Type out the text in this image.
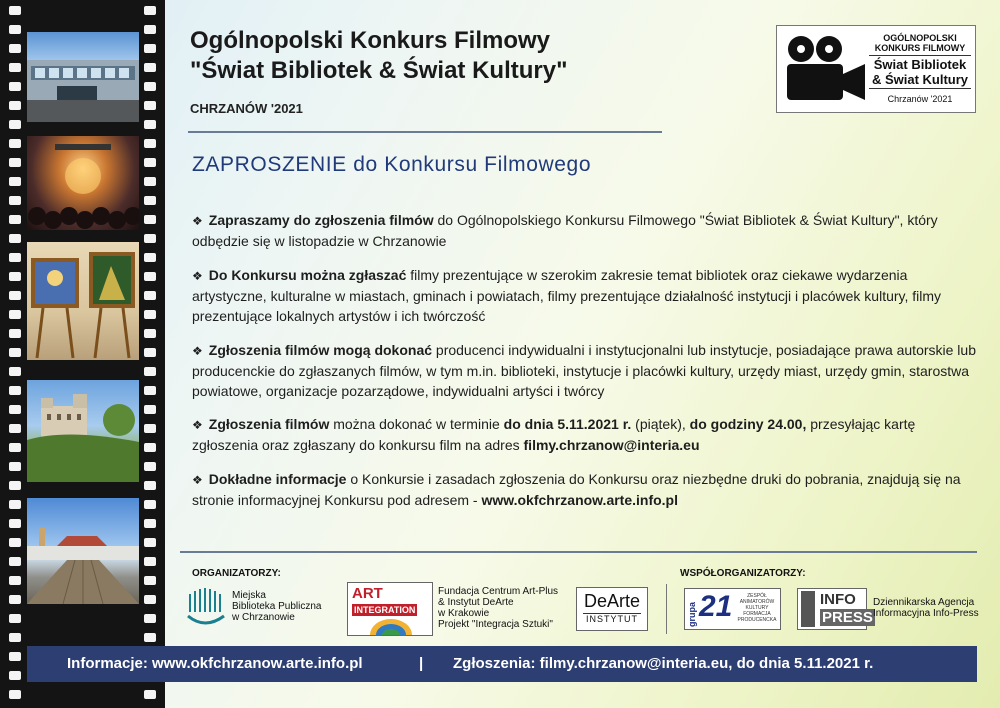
Ogólnopolski Konkurs Filmowy
"Świat Bibliotek & Świat Kultury"
CHRZANÓW '2021
OGÓLNOPOLSKI
KONKURS FILMOWY
Świat Bibliotek
& Świat Kultury
Chrzanów '2021
ZAPROSZENIE do Konkursu Filmowego

❖ Zapraszamy do zgłoszenia filmów do Ogólnopolskiego Konkursu Filmowego "Świat Bibliotek & Świat Kultury", który odbędzie się w listopadzie w Chrzanowie

❖ Do Konkursu można zgłaszać filmy prezentujące w szerokim zakresie temat bibliotek oraz ciekawe wydarzenia artystyczne, kulturalne w miastach, gminach i powiatach, filmy prezentujące działalność instytucji i placówek kultury, filmy prezentujące lokalnych artystów i ich twórczość

❖ Zgłoszenia filmów mogą dokonać producenci indywidualni i instytucjonalni lub instytucje, posiadające prawa autorskie lub producenckie do zgłaszanych filmów, w tym m.in. biblioteki, instytucje i placówki kultury, urzędy miast, urzędy gmin, starostwa powiatowe, organizacje pozarządowe, indywidualni artyści i twórcy

❖ Zgłoszenia filmów można dokonać w terminie do dnia 5.11.2021 r. (piątek), do godziny 24.00, przesyłając kartę zgłoszenia oraz zgłaszany do konkursu film na adres filmy.chrzanow@interia.eu

❖ Dokładne informacje o Konkursie i zasadach zgłoszenia do Konkursu oraz niezbędne druki do pobrania, znajdują się na stronie informacyjnej Konkursu pod adresem - www.okfchrzanow.arte.info.pl

ORGANIZATORZY:
Miejska
Biblioteka Publiczna
w Chrzanowie
ART
INTEGRATION
Fundacja Centrum Art-Plus
& Instytut DeArte
w Krakowie
Projekt "Integracja Sztuki"
DeArte
INSTYTUT
WSPÓŁORGANIZATORZY:
grupa 21	ZESPÓŁ
ANIMATORÓW
KULTURY
FORMACJA
PRODUCENCKA
INFO
PRESS
Dziennikarska Agencja
Informacyjna Info-Press
Informacje: www.okfchrzanow.arte.info.pl	| Zgłoszenia: filmy.chrzanow@interia.eu, do dnia 5.11.2021 r.
